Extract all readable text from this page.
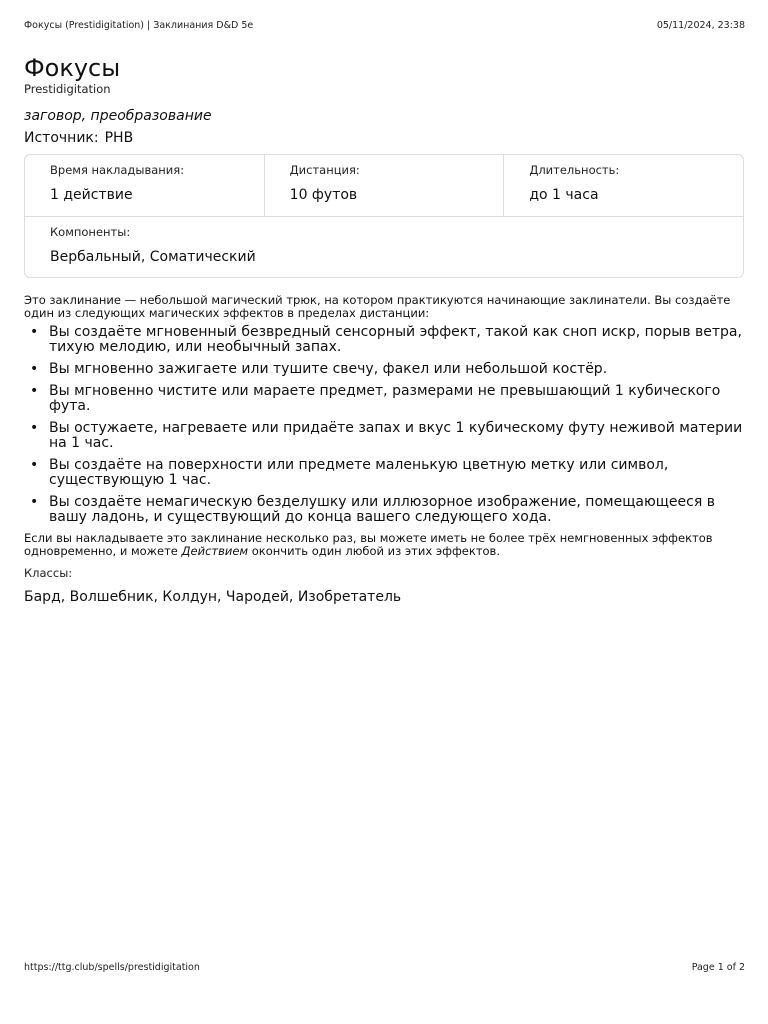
Фокусы (Prestidigitation) | Заклинания D&D 5e	05/11/2024, 23:38
Фокусы
Prestidigitation
заговор, преобразование
Источник: PHB
Время накладывания:
1 действие
Дистанция:
10 футов
Длительность:
до 1 часа
Компоненты:
Вербальный, Соматический
Это заклинание — небольшой магический трюк, на котором практикуются начинающие заклинатели. Вы создаёте один из следующих магических эффектов в пределах дистанции:
• Вы создаёте мгновенный безвредный сенсорный эффект, такой как сноп искр, порыв ветра, тихую мелодию, или необычный запах.
• Вы мгновенно зажигаете или тушите свечу, факел или небольшой костёр.
• Вы мгновенно чистите или мараете предмет, размерами не превышающий 1 кубического фута.
• Вы остужаете, нагреваете или придаёте запах и вкус 1 кубическому футу неживой материи на 1 час.
• Вы создаёте на поверхности или предмете маленькую цветную метку или символ, существующую 1 час.
• Вы создаёте немагическую безделушку или иллюзорное изображение, помещающееся в вашу ладонь, и существующий до конца вашего следующего хода.
Если вы накладываете это заклинание несколько раз, вы можете иметь не более трёх немгновенных эффектов одновременно, и можете Действием окончить один любой из этих эффектов.
Классы:
Бард, Волшебник, Колдун, Чародей, Изобретатель
https://ttg.club/spells/prestidigitation	Page 1 of 2
